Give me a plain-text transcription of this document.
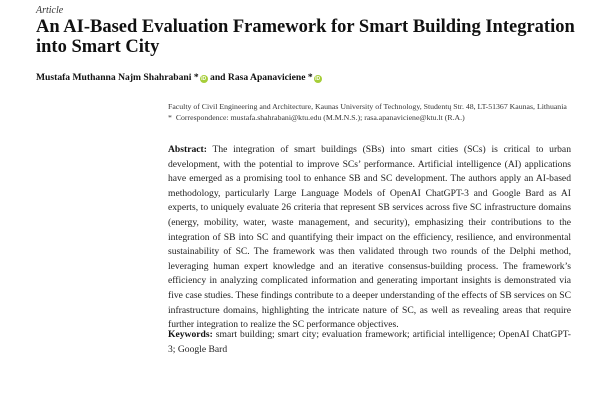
Article
An AI-Based Evaluation Framework for Smart Building Integration into Smart City
Mustafa Muthanna Najm Shahrabani * iD and Rasa Apanaviciene * iD
Faculty of Civil Engineering and Architecture, Kaunas University of Technology, Studentų Str. 48, LT-51367 Kaunas, Lithuania
* Correspondence: mustafa.shahrabani@ktu.edu (M.M.N.S.); rasa.apanaviciene@ktu.lt (R.A.)

Abstract: The integration of smart buildings (SBs) into smart cities (SCs) is critical to urban development, with the potential to improve SCs’ performance. Artificial intelligence (AI) applications have emerged as a promising tool to enhance SB and SC development. The authors apply an AI-based methodology, particularly Large Language Models of OpenAI ChatGPT-3 and Google Bard as AI experts, to uniquely evaluate 26 criteria that represent SB services across five SC infrastructure domains (energy, mobility, water, waste management, and security), emphasizing their contributions to the integration of SB into SC and quantifying their impact on the efficiency, resilience, and environmental sustainability of SC. The framework was then validated through two rounds of the Delphi method, leveraging human expert knowledge and an iterative consensus-building process. The framework’s efficiency in analyzing complicated information and generating important insights is demonstrated via five case studies. These findings contribute to a deeper understanding of the effects of SB services on SC infrastructure domains, highlighting the intricate nature of SC, as well as revealing areas that require further integration to realize the SC performance objectives.

Keywords: smart building; smart city; evaluation framework; artificial intelligence; OpenAI ChatGPT-3; Google Bard
